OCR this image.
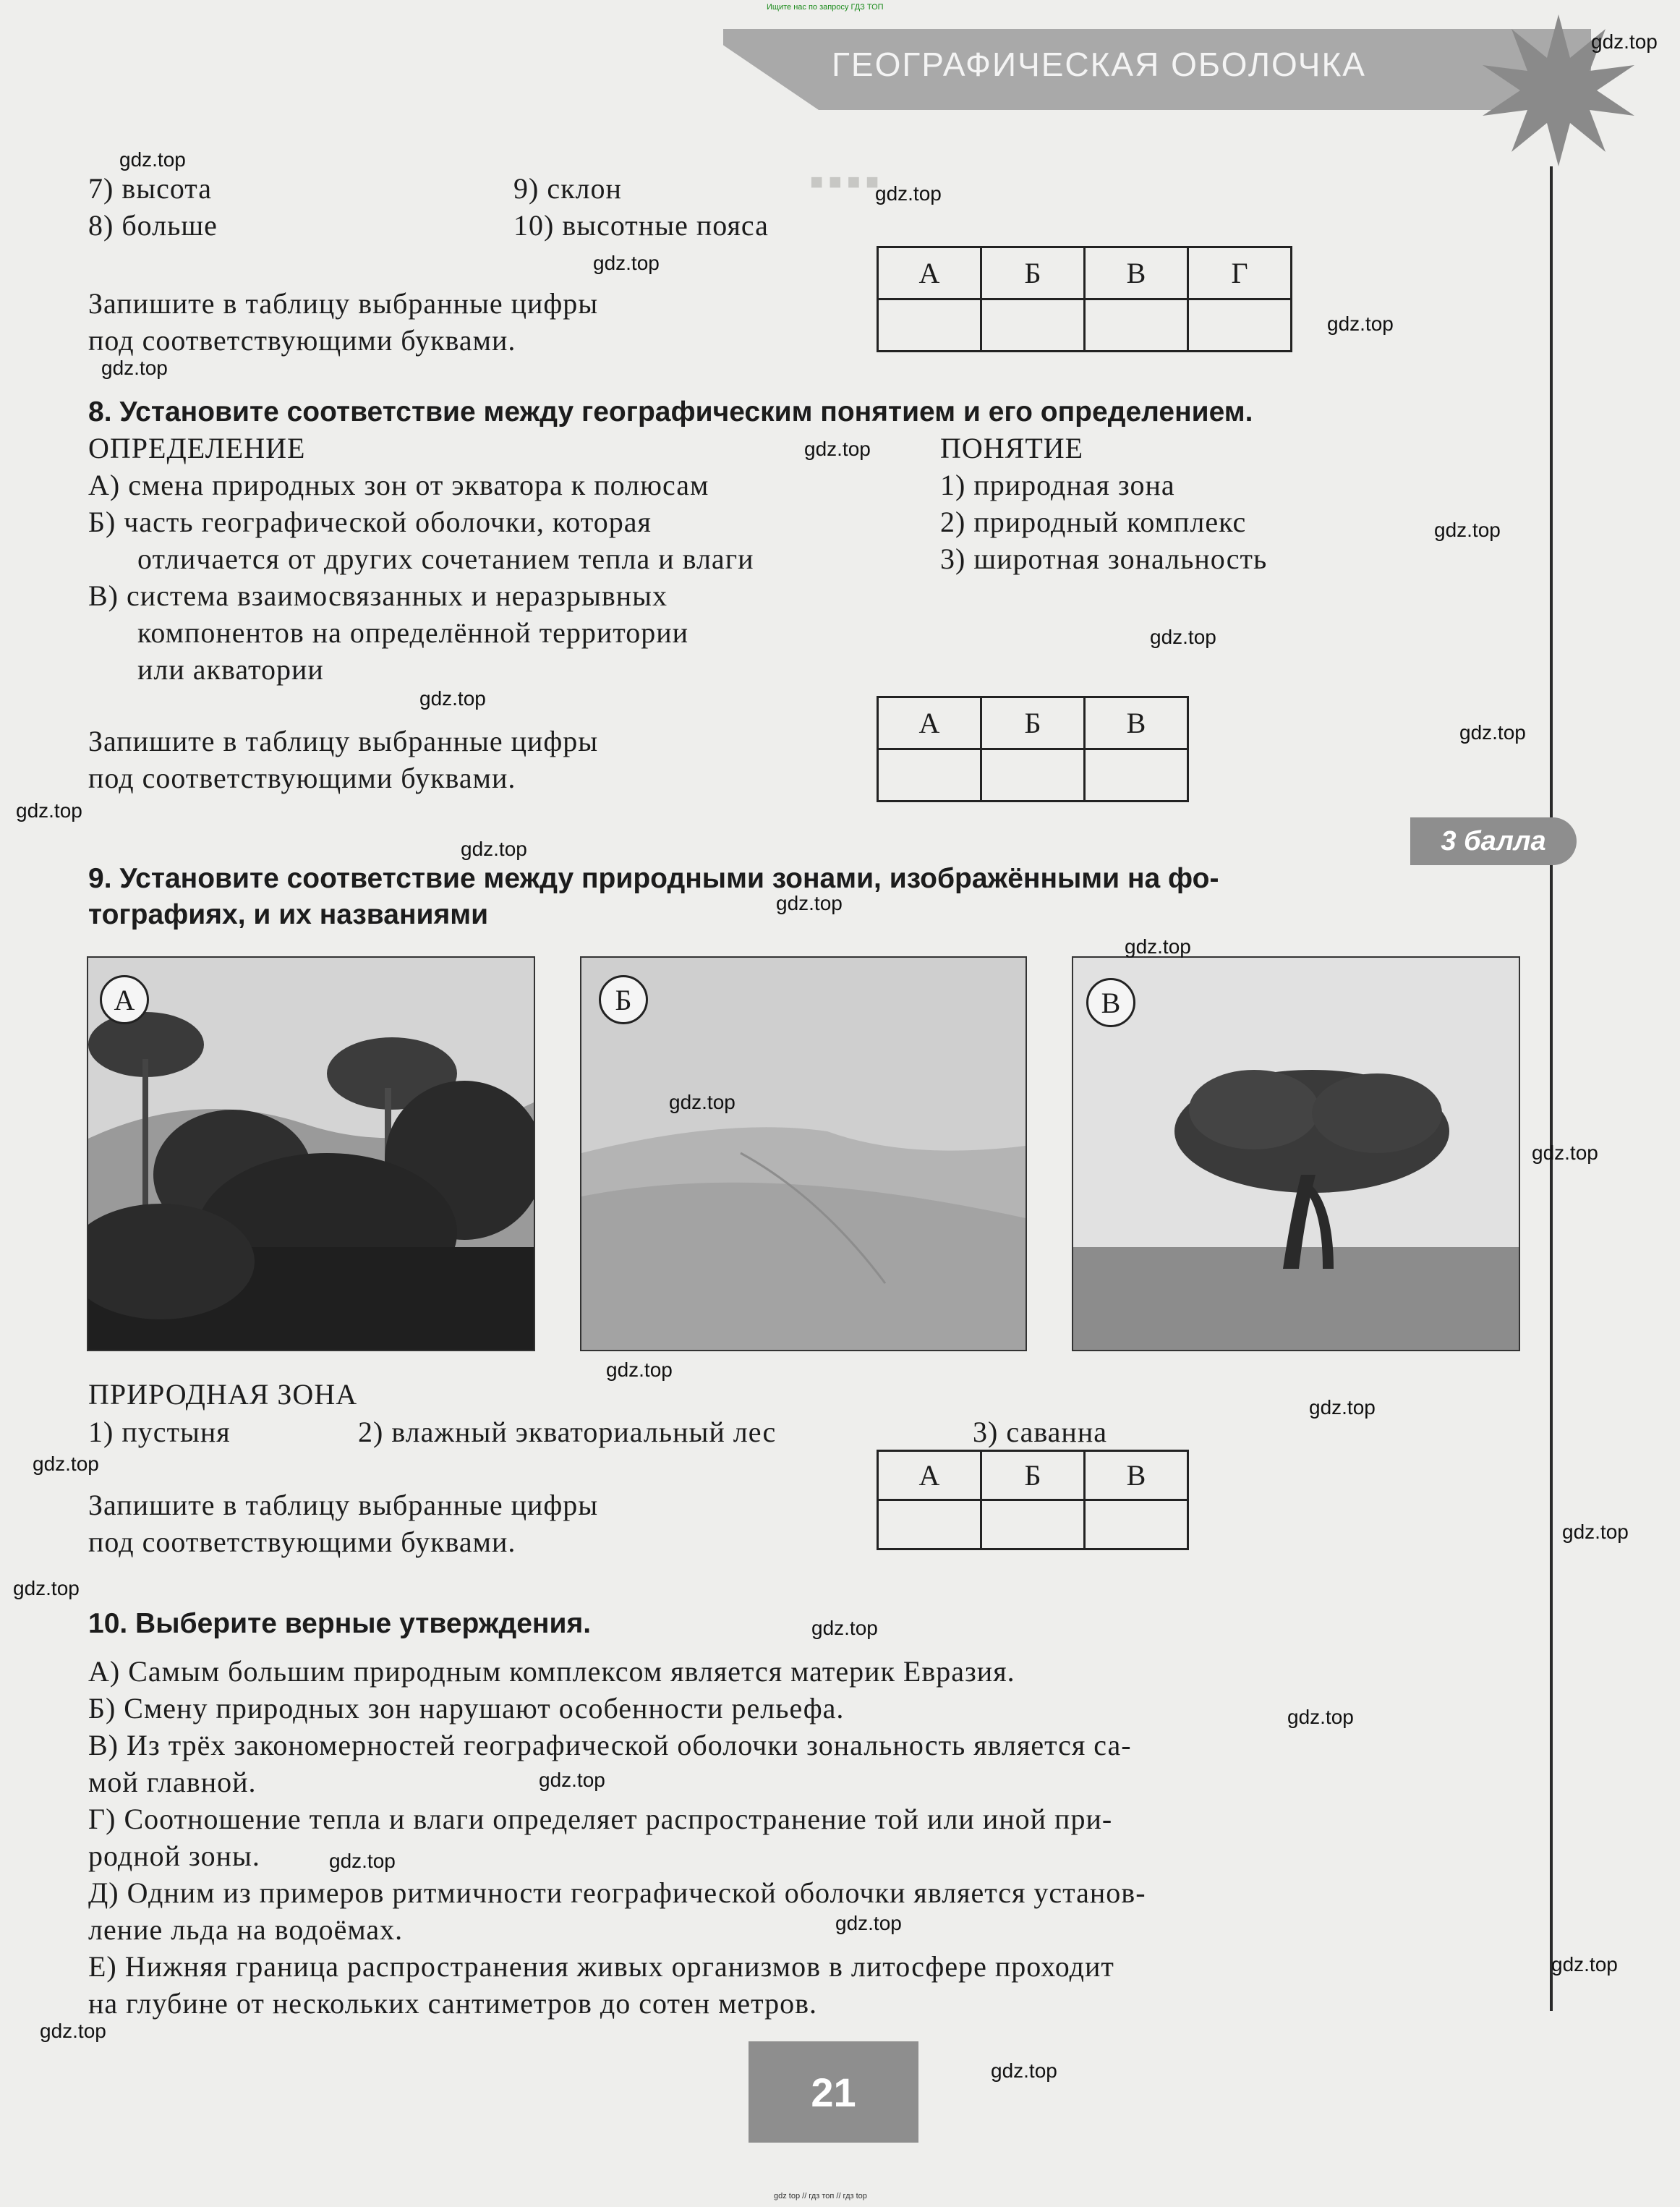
Ищите нас по запросу ГДЗ ТОП
ГЕОГРАФИЧЕСКАЯ ОБОЛОЧКА
■ ■ ■ ■
7) высота
8) больше
9) склон
10) высотные пояса
Запишите в таблицу выбранные цифры
под соответствующими буквами.
А	Б	В	Г

8. Установите соответствие между географическим понятием и его определением.
ОПРЕДЕЛЕНИЕ	ПОНЯТИЕ
А) смена природных зон от экватора к полюсам
Б) часть географической оболочки, которая
отличается от других сочетанием тепла и влаги
В) система взаимосвязанных и неразрывных
компонентов на определённой территории
или акватории
1) природная зона
2) природный комплекс
3) широтная зональность
Запишите в таблицу выбранные цифры
под соответствующими буквами.
А	Б	В

3 балла
9. Установите соответствие между природными зонами, изображёнными на фо-
тографиях, и их названиями
А	Б	В
ПРИРОДНАЯ ЗОНА
1) пустыня	2) влажный экваториальный лес	3) саванна
Запишите в таблицу выбранные цифры
под соответствующими буквами.
А	Б	В

10. Выберите верные утверждения.
А) Самым большим природным комплексом является материк Евразия.
Б) Смену природных зон нарушают особенности рельефа.
В) Из трёх закономерностей географической оболочки зональность является са-
мой главной.
Г) Соотношение тепла и влаги определяет распространение той или иной при-
родной зоны.
Д) Одним из примеров ритмичности географической оболочки является установ-
ление льда на водоёмах.
Е) Нижняя граница распространения живых организмов в литосфере проходит
на глубине от нескольких сантиметров до сотен метров.
21
gdz top // гдз топ // гдз top
gdz.top
gdz.top
gdz.top
gdz.top
gdz.top
gdz.top
gdz.top
gdz.top
gdz.top
gdz.top
gdz.top
gdz.top
gdz.top
gdz.top
gdz.top
gdz.top
gdz.top
gdz.top
gdz.top
gdz.top
gdz.top
gdz.top
gdz.top
gdz.top
gdz.top
gdz.top
gdz.top
gdz.top
gdz.top
gdz.top
